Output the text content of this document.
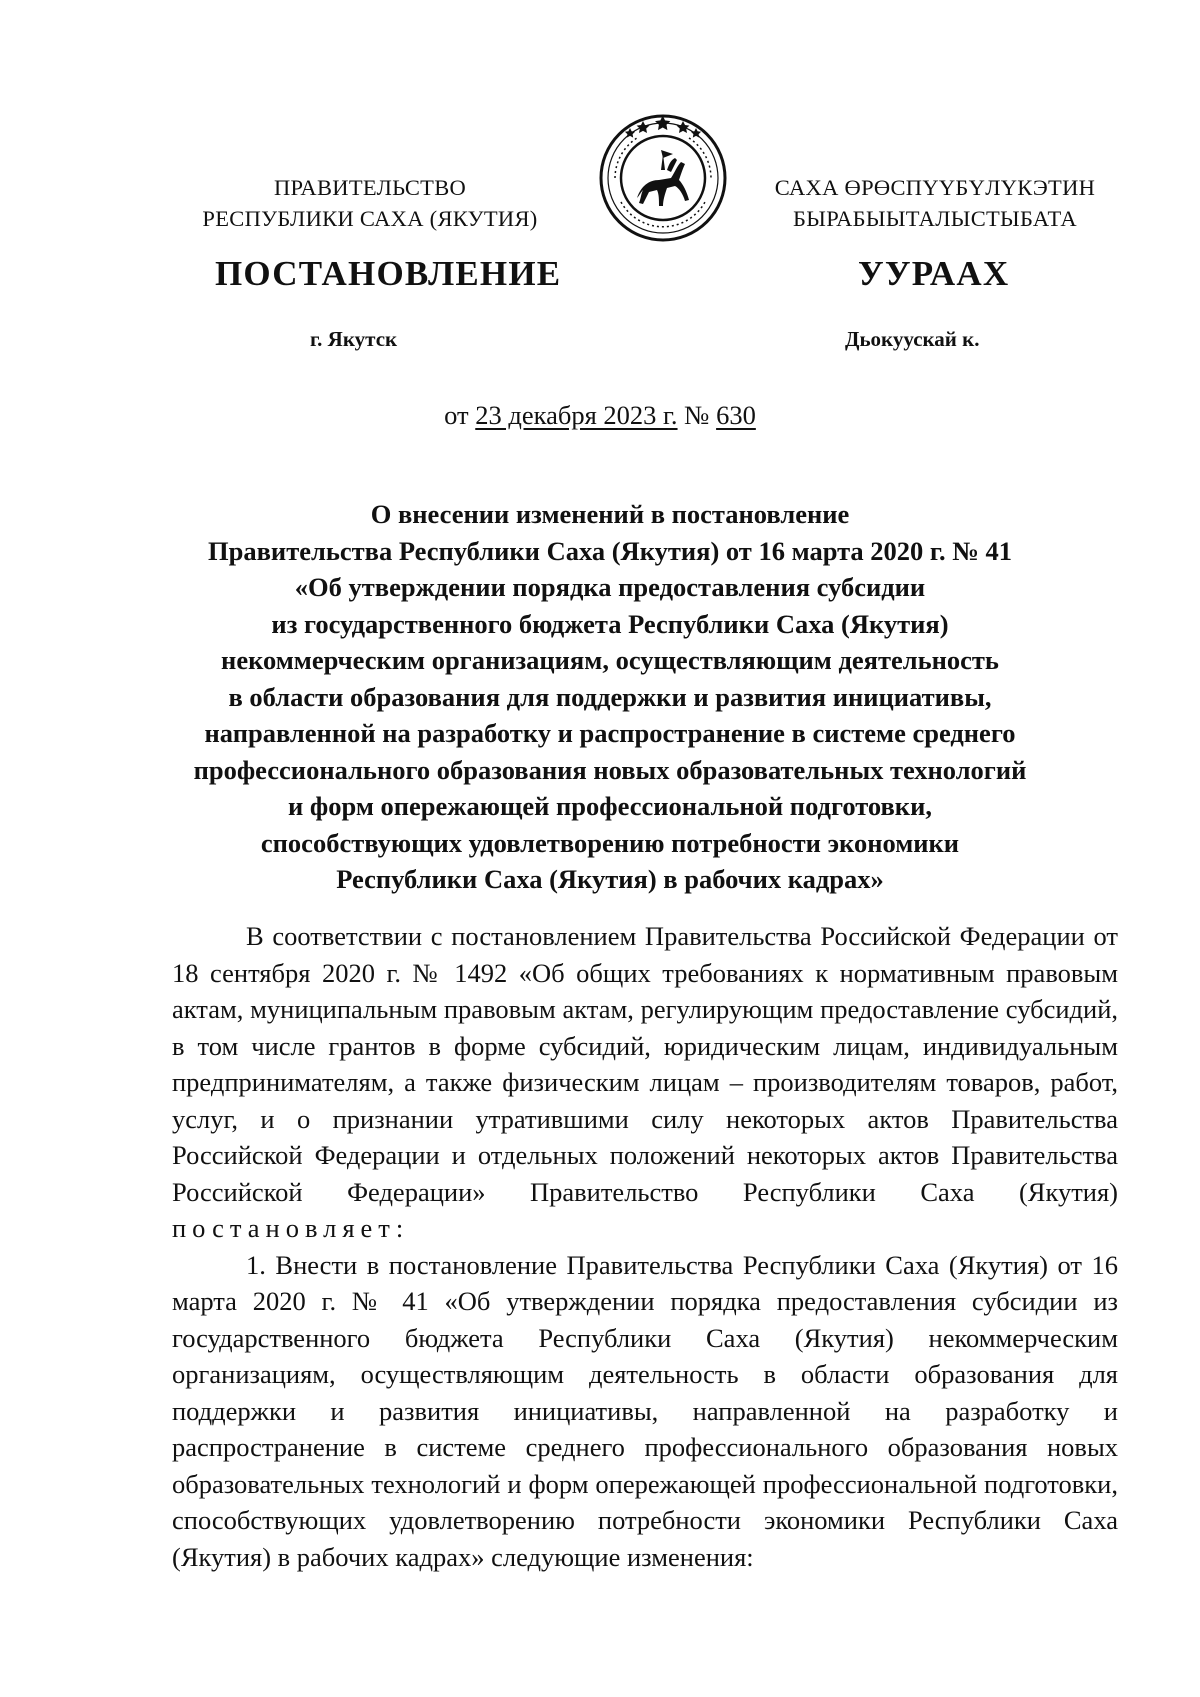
ПРАВИТЕЛЬСТВО
РЕСПУБЛИКИ САХА (ЯКУТИЯ)
САХА ӨРӨСПҮҮБҮЛҮКЭТИН
БЫРАБЫЫТАЛЫСТЫБАТА
ПОСТАНОВЛЕНИЕ	УУРААХ
г. Якутск	Дьокуускай к.
от 23 декабря 2023 г. № 630
О внесении изменений в постановление
Правительства Республики Саха (Якутия) от 16 марта 2020 г. № 41
«Об утверждении порядка предоставления субсидии
из государственного бюджета Республики Саха (Якутия)
некоммерческим организациям, осуществляющим деятельность
в области образования для поддержки и развития инициативы,
направленной на разработку и распространение в системе среднего
профессионального образования новых образовательных технологий
и форм опережающей профессиональной подготовки,
способствующих удовлетворению потребности экономики
Республики Саха (Якутия) в рабочих кадрах»

В соответствии с постановлением Правительства Российской Федерации от 18 сентября 2020 г. № 1492 «Об общих требованиях к нормативным правовым актам, муниципальным правовым актам, регулирующим предоставление субсидий, в том числе грантов в форме субсидий, юридическим лицам, индивидуальным предпринимателям, а также физическим лицам – производителям товаров, работ, услуг, и о признании утратившими силу некоторых актов Правительства Российской Федерации и отдельных положений некоторых актов Правительства Российской Федерации» Правительство Республики Саха (Якутия) постановляет:

1. Внести в постановление Правительства Республики Саха (Якутия) от 16 марта 2020 г. № 41 «Об утверждении порядка предоставления субсидии из государственного бюджета Республики Саха (Якутия) некоммерческим организациям, осуществляющим деятельность в области образования для поддержки и развития инициативы, направленной на разработку и распространение в системе среднего профессионального образования новых образовательных технологий и форм опережающей профессиональной подготовки, способствующих удовлетворению потребности экономики Республики Саха (Якутия) в рабочих кадрах» следующие изменения:
